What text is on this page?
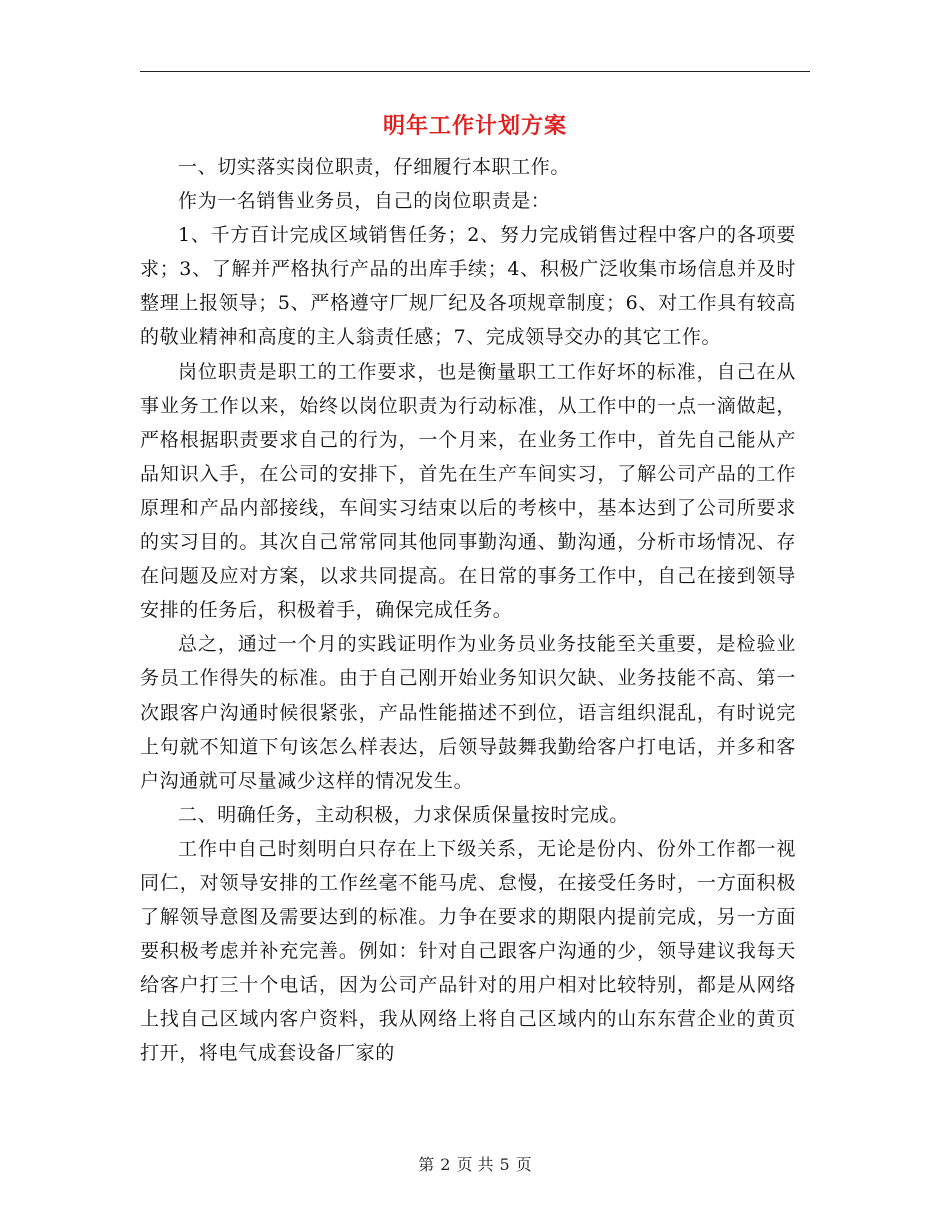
明年工作计划方案

一、切实落实岗位职责，仔细履行本职工作。

作为一名销售业务员，自己的岗位职责是：

1、千方百计完成区域销售任务；2、努力完成销售过程中客户的各项要求；3、了解并严格执行产品的出库手续；4、积极广泛收集市场信息并及时整理上报领导；5、严格遵守厂规厂纪及各项规章制度；6、对工作具有较高的敬业精神和高度的主人翁责任感；7、完成领导交办的其它工作。

岗位职责是职工的工作要求，也是衡量职工工作好坏的标准，自己在从事业务工作以来，始终以岗位职责为行动标准，从工作中的一点一滴做起，严格根据职责要求自己的行为，一个月来，在业务工作中，首先自己能从产品知识入手，在公司的安排下，首先在生产车间实习，了解公司产品的工作原理和产品内部接线，车间实习结束以后的考核中，基本达到了公司所要求的实习目的。其次自己常常同其他同事勤沟通、勤沟通，分析市场情况、存在问题及应对方案，以求共同提高。在日常的事务工作中，自己在接到领导安排的任务后，积极着手，确保完成任务。

总之，通过一个月的实践证明作为业务员业务技能至关重要，是检验业务员工作得失的标准。由于自己刚开始业务知识欠缺、业务技能不高、第一次跟客户沟通时候很紧张，产品性能描述不到位，语言组织混乱，有时说完上句就不知道下句该怎么样表达，后领导鼓舞我勤给客户打电话，并多和客户沟通就可尽量减少这样的情况发生。

二、明确任务，主动积极，力求保质保量按时完成。

工作中自己时刻明白只存在上下级关系，无论是份内、份外工作都一视同仁，对领导安排的工作丝毫不能马虎、怠慢，在接受任务时，一方面积极了解领导意图及需要达到的标准。力争在要求的期限内提前完成，另一方面要积极考虑并补充完善。例如：针对自己跟客户沟通的少，领导建议我每天给客户打三十个电话，因为公司产品针对的用户相对比较特别，都是从网络上找自己区域内客户资料，我从网络上将自己区域内的山东东营企业的黄页打开，将电气成套设备厂家的

第 2 页 共 5 页
